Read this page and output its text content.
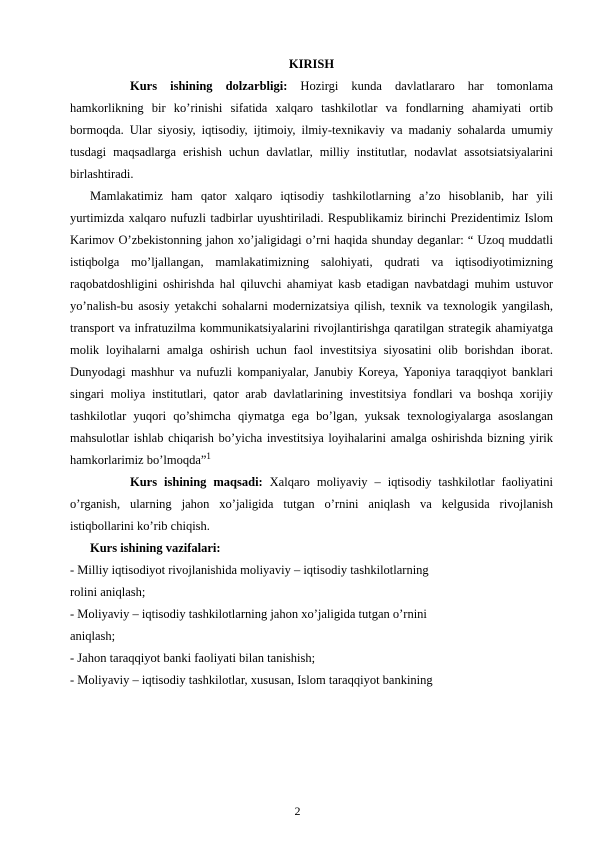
KIRISH

Kurs ishining dolzarbligi: Hozirgi kunda davlatlararo har tomonlama hamkorlikning bir ko’rinishi sifatida xalqaro tashkilotlar va fondlarning ahamiyati ortib bormoqda. Ular siyosiy, iqtisodiy, ijtimoiy, ilmiy-texnikaviy va madaniy sohalarda umumiy tusdagi maqsadlarga erishish uchun davlatlar, milliy institutlar, nodavlat assotsiatsiyalarini birlashtiradi.

Mamlakatimiz ham qator xalqaro iqtisodiy tashkilotlarning a’zo hisoblanib, har yili yurtimizda xalqaro nufuzli tadbirlar uyushtiriladi. Respublikamiz birinchi Prezidentimiz Islom Karimov O’zbekistonning jahon xo’jaligidagi o’rni haqida shunday deganlar: “ Uzoq muddatli istiqbolga mo’ljallangan, mamlakatimizning salohiyati, qudrati va iqtisodiyotimizning raqobatdoshligini oshirishda hal qiluvchi ahamiyat kasb etadigan navbatdagi muhim ustuvor yo’nalish-bu asosiy yetakchi sohalarni modernizatsiya qilish, texnik va texnologik yangilash, transport va infratuzilma kommunikatsiyalarini rivojlantirishga qaratilgan strategik ahamiyatga molik loyihalarni amalga oshirish uchun faol investitsiya siyosatini olib borishdan iborat. Dunyodagi mashhur va nufuzli kompaniyalar, Janubiy Koreya, Yaponiya taraqqiyot banklari singari moliya institutlari, qator arab davlatlarining investitsiya fondlari va boshqa xorijiy tashkilotlar yuqori qo’shimcha qiymatga ega bo’lgan, yuksak texnologiyalarga asoslangan mahsulotlar ishlab chiqarish bo’yicha investitsiya loyihalarini amalga oshirishda bizning yirik hamkorlarimiz bo’lmoqda”$^1$

Kurs ishining maqsadi: Xalqaro moliyaviy – iqtisodiy tashkilotlar faoliyatini o’rganish, ularning jahon xo’jaligida tutgan o’rnini aniqlash va kelgusida rivojlanish istiqbollarini ko’rib chiqish.

Kurs ishining vazifalari:

- Milliy iqtisodiyot rivojlanishida moliyaviy – iqtisodiy tashkilotlarning

rolini aniqlash;

- Moliyaviy – iqtisodiy tashkilotlarning jahon xo’jaligida tutgan o’rnini

aniqlash;

- Jahon taraqqiyot banki faoliyati bilan tanishish;

- Moliyaviy – iqtisodiy tashkilotlar, xususan, Islom taraqqiyot bankining

2
